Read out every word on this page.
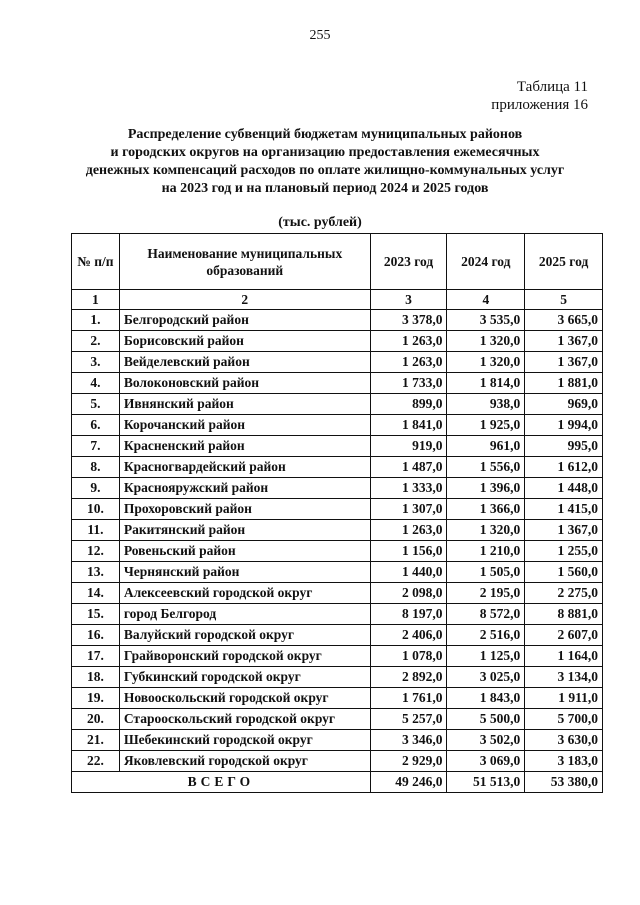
255
Таблица 11
приложения 16
Распределение субвенций бюджетам муниципальных районов
и городских округов на организацию предоставления ежемесячных
денежных компенсаций расходов по оплате жилищно-коммунальных услуг
на 2023 год и на плановый период 2024 и 2025 годов
(тыс. рублей)
№ п/п	Наименование муниципальных образований	2023 год	2024 год	2025 год
1	2	3	4	5
1.	Белгородский район	3 378,0	3 535,0	3 665,0
2.	Борисовский район	1 263,0	1 320,0	1 367,0
3.	Вейделевский район	1 263,0	1 320,0	1 367,0
4.	Волоконовский район	1 733,0	1 814,0	1 881,0
5.	Ивнянский район	899,0	938,0	969,0
6.	Корочанский район	1 841,0	1 925,0	1 994,0
7.	Красненский район	919,0	961,0	995,0
8.	Красногвардейский район	1 487,0	1 556,0	1 612,0
9.	Краснояружский район	1 333,0	1 396,0	1 448,0
10.	Прохоровский район	1 307,0	1 366,0	1 415,0
11.	Ракитянский район	1 263,0	1 320,0	1 367,0
12.	Ровеньский район	1 156,0	1 210,0	1 255,0
13.	Чернянский район	1 440,0	1 505,0	1 560,0
14.	Алексеевский городской округ	2 098,0	2 195,0	2 275,0
15.	город Белгород	8 197,0	8 572,0	8 881,0
16.	Валуйский городской округ	2 406,0	2 516,0	2 607,0
17.	Грайворонский городской округ	1 078,0	1 125,0	1 164,0
18.	Губкинский городской округ	2 892,0	3 025,0	3 134,0
19.	Новооскольский городской округ	1 761,0	1 843,0	1 911,0
20.	Старооскольский городской округ	5 257,0	5 500,0	5 700,0
21.	Шебекинский городской округ	3 346,0	3 502,0	3 630,0
22.	Яковлевский городской округ	2 929,0	3 069,0	3 183,0
ВСЕГО		49 246,0	51 513,0	53 380,0
